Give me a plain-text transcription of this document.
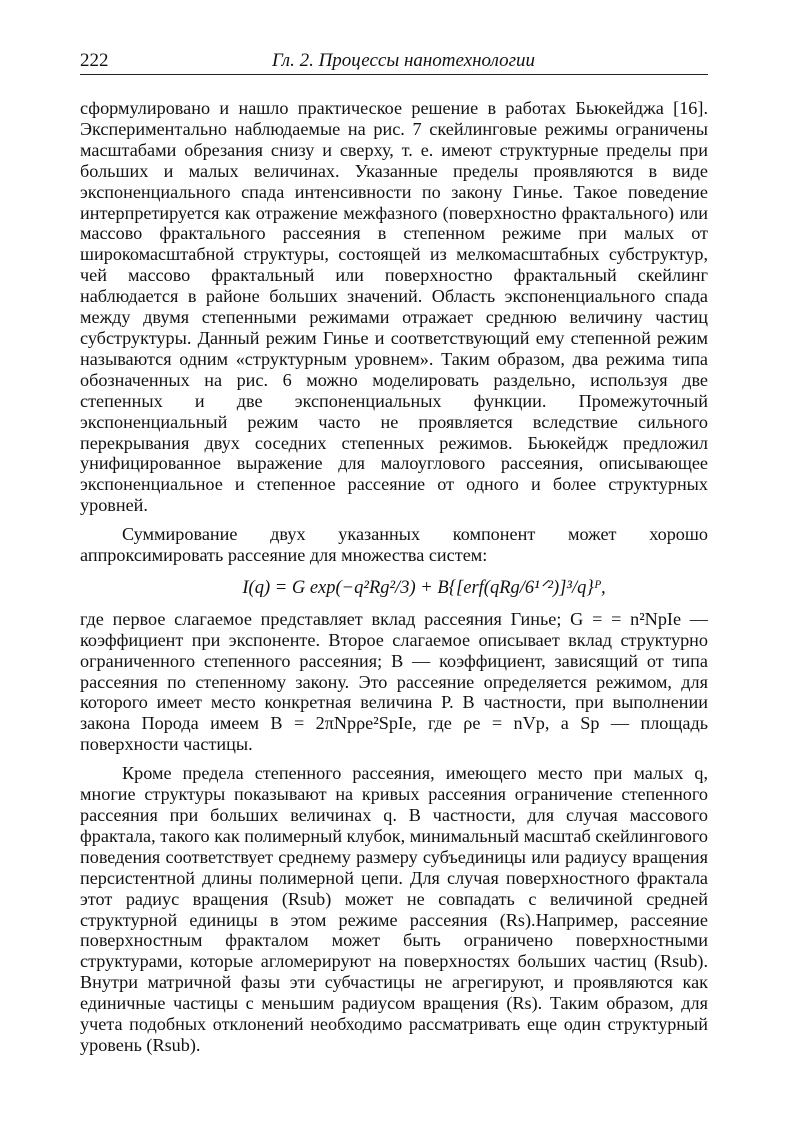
222	Гл. 2. Процессы нанотехнологии

сформулировано и нашло практическое решение в работах Бьюкейджа [16]. Экспериментально наблюдаемые на рис. 7 скейлинговые режимы ограничены масштабами обрезания снизу и сверху, т. е. имеют структурные пределы при больших и малых величинах. Указанные пределы проявляются в виде экспоненциального спада интенсивности по закону Гинье. Такое поведение интерпретируется как отражение межфазного (поверхностно фрактального) или массово фрактального рассеяния в степенном режиме при малых от широкомасштабной структуры, состоящей из мелкомасштабных субструктур, чей массово фрактальный или поверхностно фрактальный скейлинг наблюдается в районе больших значений. Область экспоненциального спада между двумя степенными режимами отражает среднюю величину частиц субструктуры. Данный режим Гинье и соответствующий ему степенной режим называются одним «структурным уровнем». Таким образом, два режима типа обозначенных на рис. 6 можно моделировать раздельно, используя две степенных и две экспоненциальных функции. Промежуточный экспоненциальный режим часто не проявляется вследствие сильного перекрывания двух соседних степенных режимов. Бьюкейдж предложил унифицированное выражение для малоуглового рассеяния, описывающее экспоненциальное и степенное рассеяние от одного и более структурных уровней.

Суммирование двух указанных компонент может хорошо аппроксимировать рассеяние для множества систем:

I(q) = G exp(−q²Rg²/3) + B{[erf(qRg/6¹ᐟ²)]³/q}ᴾ,

где первое слагаемое представляет вклад рассеяния Гинье; G = = n²NpIe — коэффициент при экспоненте. Второе слагаемое описывает вклад структурно ограниченного степенного рассеяния; B — коэффициент, зависящий от типа рассеяния по степенному закону. Это рассеяние определяется режимом, для которого имеет место конкретная величина P. В частности, при выполнении закона Порода имеем B = 2πNpρe²SpIe, где ρe = nVp, а Sp — площадь поверхности частицы.

Кроме предела степенного рассеяния, имеющего место при малых q, многие структуры показывают на кривых рассеяния ограничение степенного рассеяния при больших величинах q. В частности, для случая массового фрактала, такого как полимерный клубок, минимальный масштаб скейлингового поведения соответствует среднему размеру субъединицы или радиусу вращения персистентной длины полимерной цепи. Для случая поверхностного фрактала этот радиус вращения (Rsub) может не совпадать с величиной средней структурной единицы в этом режиме рассеяния (Rs).Например, рассеяние поверхностным фракталом может быть ограничено поверхностными структурами, которые агломерируют на поверхностях больших частиц (Rsub). Внутри матричной фазы эти субчастицы не агрегируют, и проявляются как единичные частицы с меньшим радиусом вращения (Rs). Таким образом, для учета подобных отклонений необходимо рассматривать еще один структурный уровень (Rsub).
